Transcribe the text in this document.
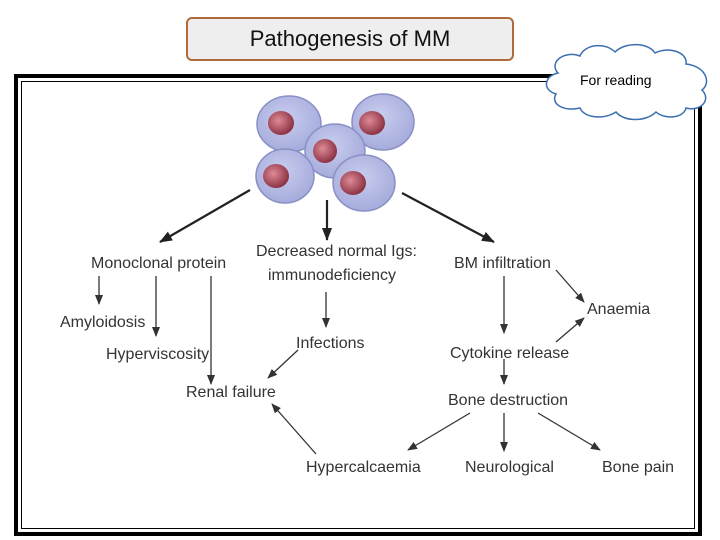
Pathogenesis of MM
Monoclonal protein
Decreased normal Igs:
immunodeficiency
BM infiltration
Amyloidosis
Hyperviscosity
Infections
Renal failure
Anaemia
Cytokine release
Bone destruction
Hypercalcaemia	Neurological	Bone pain
For reading
